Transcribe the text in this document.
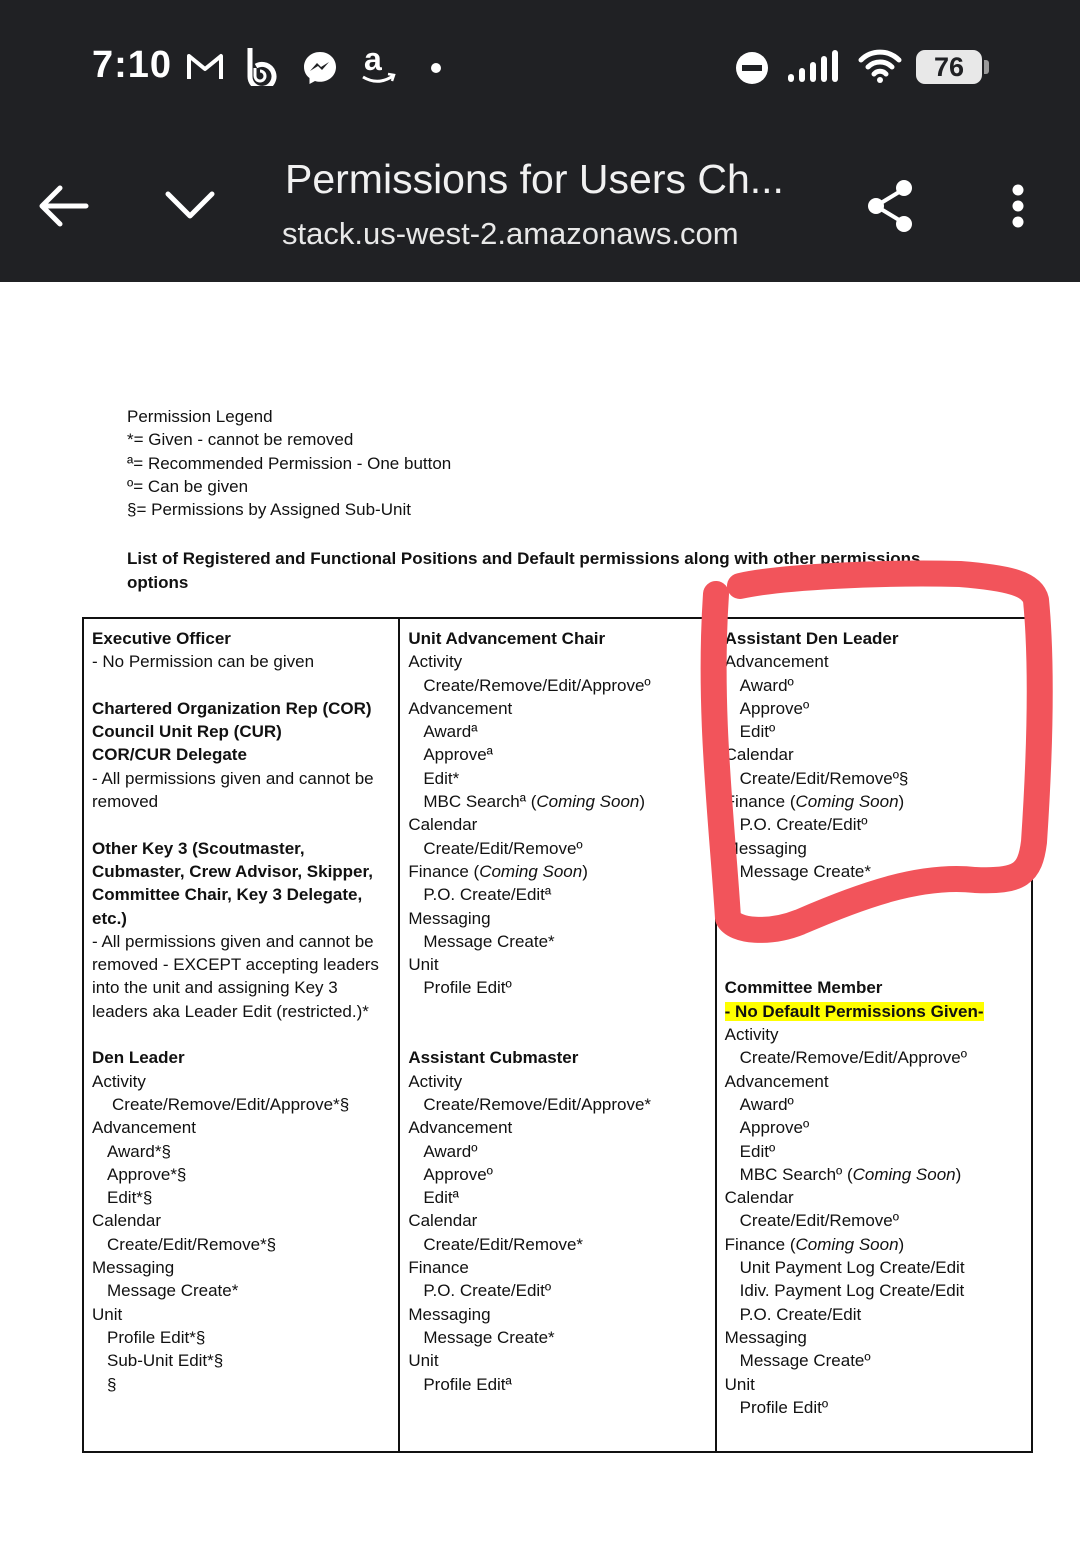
7:10	a	76
Permissions for Users Ch...
stack.us-west-2.amazonaws.com
Permission Legend
*= Given - cannot be removed
ª= Recommended Permission - One button
º= Can be given
§= Permissions by Assigned Sub-Unit
List of Registered and Functional Positions and Default permissions along with other permissions options
Executive Officer
- No Permission can be given
Chartered Organization Rep (COR)
Council Unit Rep (CUR)
COR/CUR Delegate
- All permissions given and cannot be
removed
Other Key 3 (Scoutmaster,
Cubmaster, Crew Advisor, Skipper,
Committee Chair, Key 3 Delegate,
etc.)
- All permissions given and cannot be
removed - EXCEPT accepting leaders
into the unit and assigning Key 3
leaders aka Leader Edit (restricted.)*
Den Leader
Activity
Create/Remove/Edit/Approve*§
Advancement
Award*§
Approve*§
Edit*§
Calendar
Create/Edit/Remove*§
Messaging
Message Create*
Unit
Profile Edit*§
Sub-Unit Edit*§
§

Unit Advancement Chair
Activity
Create/Remove/Edit/Approveº
Advancement
Awardª
Approveª
Edit*
MBC Searchª (Coming Soon)
Calendar
Create/Edit/Removeº
Finance (Coming Soon)
P.O. Create/Editª
Messaging
Message Create*
Unit
Profile Editº
Assistant Cubmaster
Activity
Create/Remove/Edit/Approve*
Advancement
Awardº
Approveº
Editª
Calendar
Create/Edit/Remove*
Finance
P.O. Create/Editº
Messaging
Message Create*
Unit
Profile Editª

Assistant Den Leader
Advancement
Awardº
Approveº
Editº
Calendar
Create/Edit/Removeº§
Finance (Coming Soon)
P.O. Create/Editº
Messaging
Message Create*
Committee Member
- No Default Permissions Given-
Activity
Create/Remove/Edit/Approveº
Advancement
Awardº
Approveº
Editº
MBC Searchº (Coming Soon)
Calendar
Create/Edit/Removeº
Finance (Coming Soon)
Unit Payment Log Create/Edit
Idiv. Payment Log Create/Edit
P.O. Create/Edit
Messaging
Message Createº
Unit
Profile Editº
